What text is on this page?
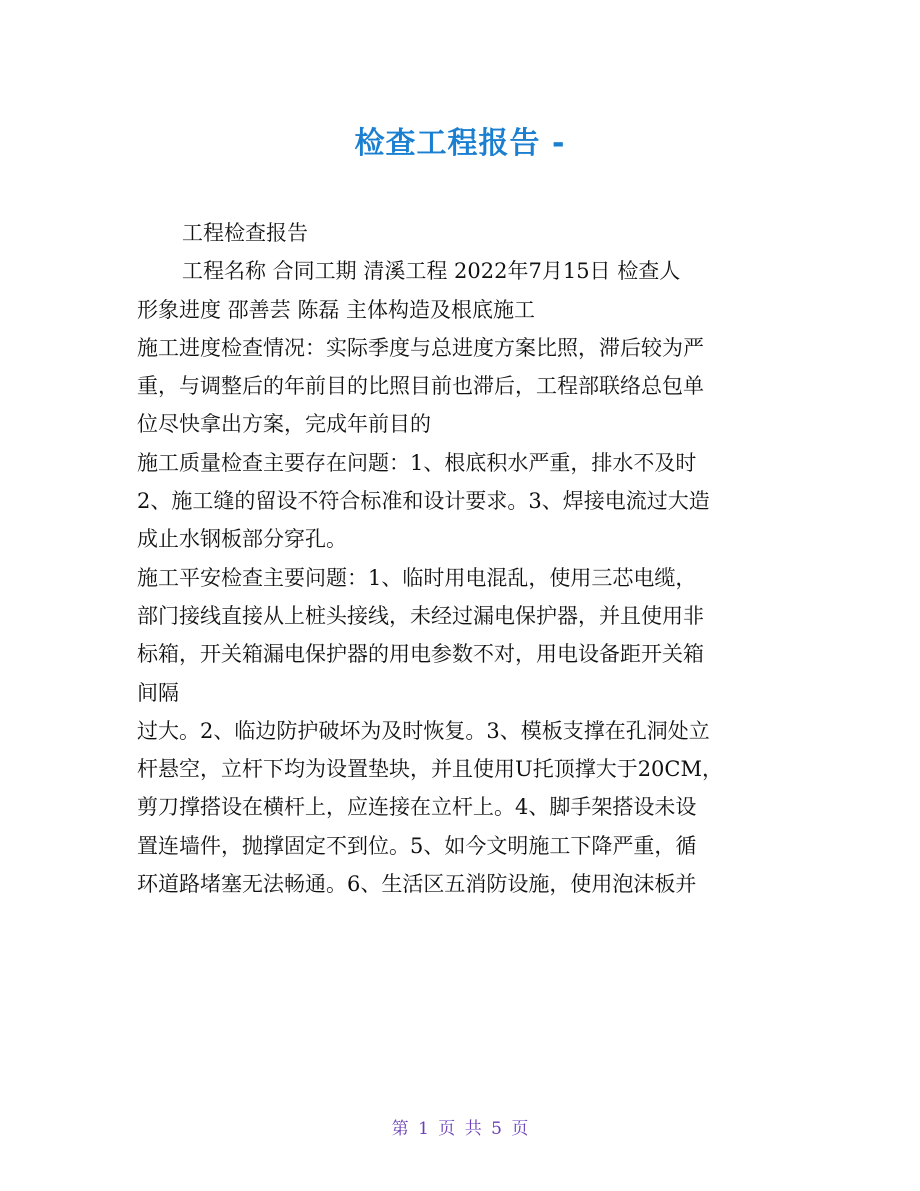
检查工程报告 -

工程检查报告

工程名称 合同工期 清溪工程 2022年7月15日 检查人

形象进度 邵善芸 陈磊 主体构造及根底施工

施工进度检查情况：实际季度与总进度方案比照，滞后较为严

重，与调整后的年前目的比照目前也滞后，工程部联络总包单

位尽快拿出方案，完成年前目的

施工质量检查主要存在问题：1、根底积水严重，排水不及时

2、施工缝的留设不符合标准和设计要求。3、焊接电流过大造

成止水钢板部分穿孔。

施工平安检查主要问题：1、临时用电混乱，使用三芯电缆，

部门接线直接从上桩头接线，未经过漏电保护器，并且使用非

标箱，开关箱漏电保护器的用电参数不对，用电设备距开关箱

间隔

过大。2、临边防护破坏为及时恢复。3、模板支撑在孔洞处立

杆悬空，立杆下均为设置垫块，并且使用U托顶撑大于20CM，

剪刀撑搭设在横杆上，应连接在立杆上。4、脚手架搭设未设

置连墙件，抛撑固定不到位。5、如今文明施工下降严重，循

环道路堵塞无法畅通。6、生活区五消防设施，使用泡沫板并

第 1 页 共 5 页
